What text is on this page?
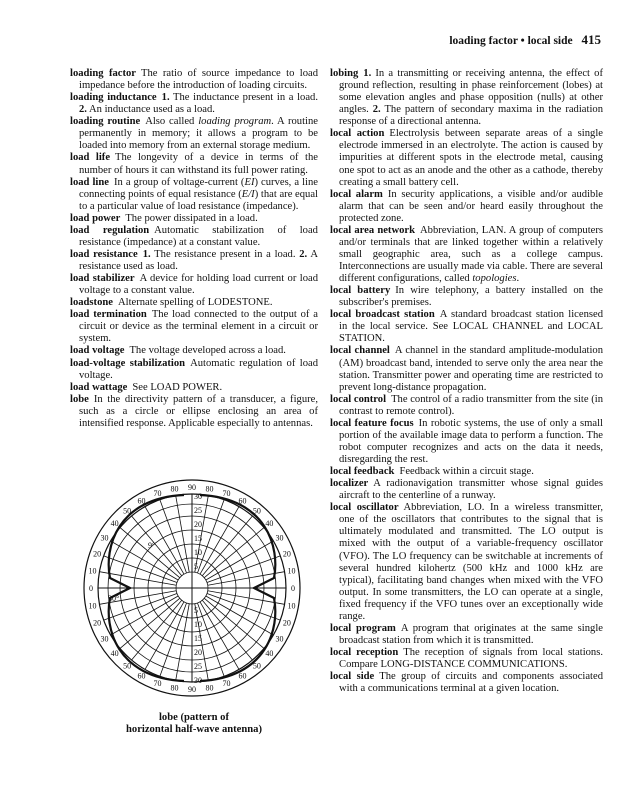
loading factor • local side 415

loading factor The ratio of source impedance to load impedance before the introduction of loading circuits.

loading inductance 1. The inductance present in a load. 2. An inductance used as a load.

loading routine Also called loading program. A routine permanently in memory; it allows a program to be loaded into memory from an external storage medium.

load life The longevity of a device in terms of the number of hours it can withstand its full power rating.

load line In a group of voltage-current (EI) curves, a line connecting points of equal resistance (E/I) that are equal to a particular value of load resistance (impedance).

load power The power dissipated in a load.

load regulation Automatic stabilization of load resistance (impedance) at a constant value.

load resistance 1. The resistance present in a load. 2. A resistance used as load.

load stabilizer A device for holding load current or load voltage to a constant value.

loadstone Alternate spelling of LODESTONE.

load termination The load connected to the output of a circuit or device as the terminal element in a circuit or system.

load voltage The voltage developed across a load.

load-voltage stabilization Automatic regulation of load voltage.

load wattage See LOAD POWER.

lobe In the directivity pattern of a transducer, a figure, such as a circle or ellipse enclosing an area of intensified response. Applicable especially to antennas.

lobing 1. In a transmitting or receiving antenna, the effect of ground reflection, resulting in phase reinforcement (lobes) at some elevation angles and phase opposition (nulls) at other angles. 2. The pattern of secondary maxima in the radiation response of a directional antenna.

local action Electrolysis between separate areas of a single electrode immersed in an electrolyte. The action is caused by impurities at different spots in the electrode metal, causing one spot to act as an anode and the other as a cathode, thereby creating a small battery cell.

local alarm In security applications, a visible and/or audible alarm that can be seen and/or heard easily throughout the protected zone.

local area network Abbreviation, LAN. A group of computers and/or terminals that are linked together within a relatively small geographic area, such as a college campus. Interconnections are usually made via cable. There are several different configurations, called topologies.

local battery In wire telephony, a battery installed on the subscriber's premises.

local broadcast station A standard broadcast station licensed in the local service. See LOCAL CHANNEL and LOCAL STATION.

local channel A channel in the standard amplitude-modulation (AM) broadcast band, intended to serve only the area near the station. Transmitter power and operating time are restricted to prevent long-distance propagation.

local control The control of a radio transmitter from the site (in contrast to remote control).

local feature focus In robotic systems, the use of only a small portion of the available image data to perform a function. The robot computer recognizes and acts on the data it needs, disregarding the rest.

local feedback Feedback within a circuit stage.

localizer A radionavigation transmitter whose signal guides aircraft to the centerline of a runway.

local oscillator Abbreviation, LO. In a wireless transmitter, one of the oscillators that contributes to the signal that is ultimately modulated and transmitted. The LO output is mixed with the output of a variable-frequency oscillator (VFO). The LO frequency can be switchable at increments of several hundred kilohertz (500 kHz and 1000 kHz are typical), facilitating band changes when mixed with the VFO output. In some transmitters, the LO can operate at a single, fixed frequency if the VFO tunes over an exceptionally wide range.

local program A program that originates at the same single broadcast station from which it is transmitted.

local reception The reception of signals from local stations. Compare LONG-DISTANCE COMMUNICATIONS.

local side The group of circuits and components associated with a communications terminal at a given location.

0
0
10
10
10
10
20
20
20
20
30
30
30
30
40
40
40
40
50
50
50
50
60
60
60
60
70
70
70
70
80
80
80
80
90
90
5
5
10
10
15
15
20
20
25
25
30
30
9°
30°
lobe (pattern of
horizontal half-wave antenna)
